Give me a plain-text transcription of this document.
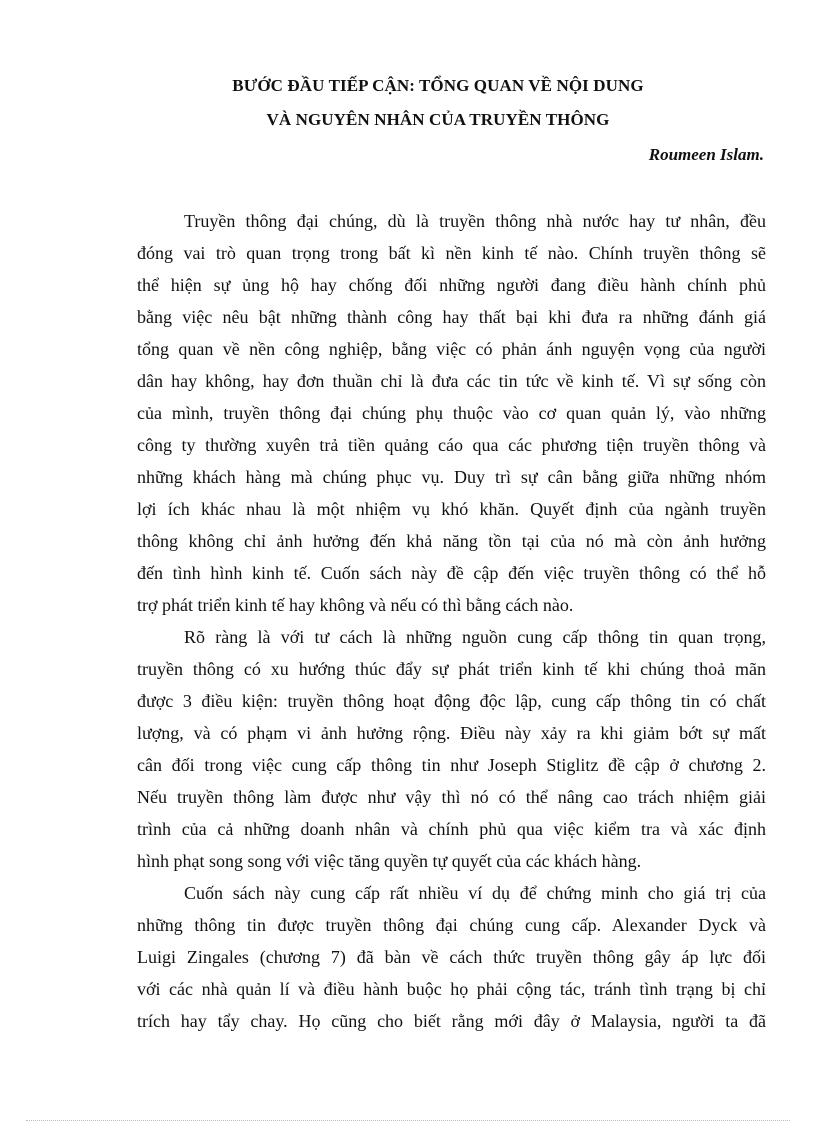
BƯỚC ĐẦU TIẾP CẬN: TỔNG QUAN VỀ NỘI DUNG
VÀ NGUYÊN NHÂN CỦA TRUYỀN THÔNG
Roumeen Islam.

Truyền thông đại chúng, dù là truyền thông nhà nước hay tư nhân, đều
đóng vai trò quan trọng trong bất kì nền kinh tế nào. Chính truyền thông sẽ
thể hiện sự ủng hộ hay chống đối những người đang điều hành chính phủ
bằng việc nêu bật những thành công hay thất bại khi đưa ra những đánh giá
tổng quan về nền công nghiệp, bằng việc có phản ánh nguyện vọng của người
dân hay không, hay đơn thuần chỉ là đưa các tin tức về kinh tế. Vì sự sống còn
của mình, truyền thông đại chúng phụ thuộc vào cơ quan quản lý, vào những
công ty thường xuyên trả tiền quảng cáo qua các phương tiện truyền thông và
những khách hàng mà chúng phục vụ. Duy trì sự cân bằng giữa những nhóm
lợi ích khác nhau là một nhiệm vụ khó khăn. Quyết định của ngành truyền
thông không chỉ ảnh hưởng đến khả năng tồn tại của nó mà còn ảnh hưởng
đến tình hình kinh tế. Cuốn sách này đề cập đến việc truyền thông có thể hỗ
trợ phát triển kinh tế hay không và nếu có thì bằng cách nào.

Rõ ràng là với tư cách là những nguồn cung cấp thông tin quan trọng,
truyền thông có xu hướng thúc đẩy sự phát triển kinh tế khi chúng thoả mãn
được 3 điều kiện: truyền thông hoạt động độc lập, cung cấp thông tin có chất
lượng, và có phạm vi ảnh hưởng rộng. Điều này xảy ra khi giảm bớt sự mất
cân đối trong việc cung cấp thông tin như Joseph Stiglitz đề cập ở chương 2.
Nếu truyền thông làm được như vậy thì nó có thể nâng cao trách nhiệm giải
trình của cả những doanh nhân và chính phủ qua việc kiểm tra và xác định
hình phạt song song với việc tăng quyền tự quyết của các khách hàng.

Cuốn sách này cung cấp rất nhiều ví dụ để chứng minh cho giá trị của
những thông tin được truyền thông đại chúng cung cấp. Alexander Dyck và
Luigi Zingales (chương 7) đã bàn về cách thức truyền thông gây áp lực đối
với các nhà quản lí và điều hành buộc họ phải cộng tác, tránh tình trạng bị chỉ
trích hay tẩy chay. Họ cũng cho biết rằng mới đây ở Malaysia, người ta đã
